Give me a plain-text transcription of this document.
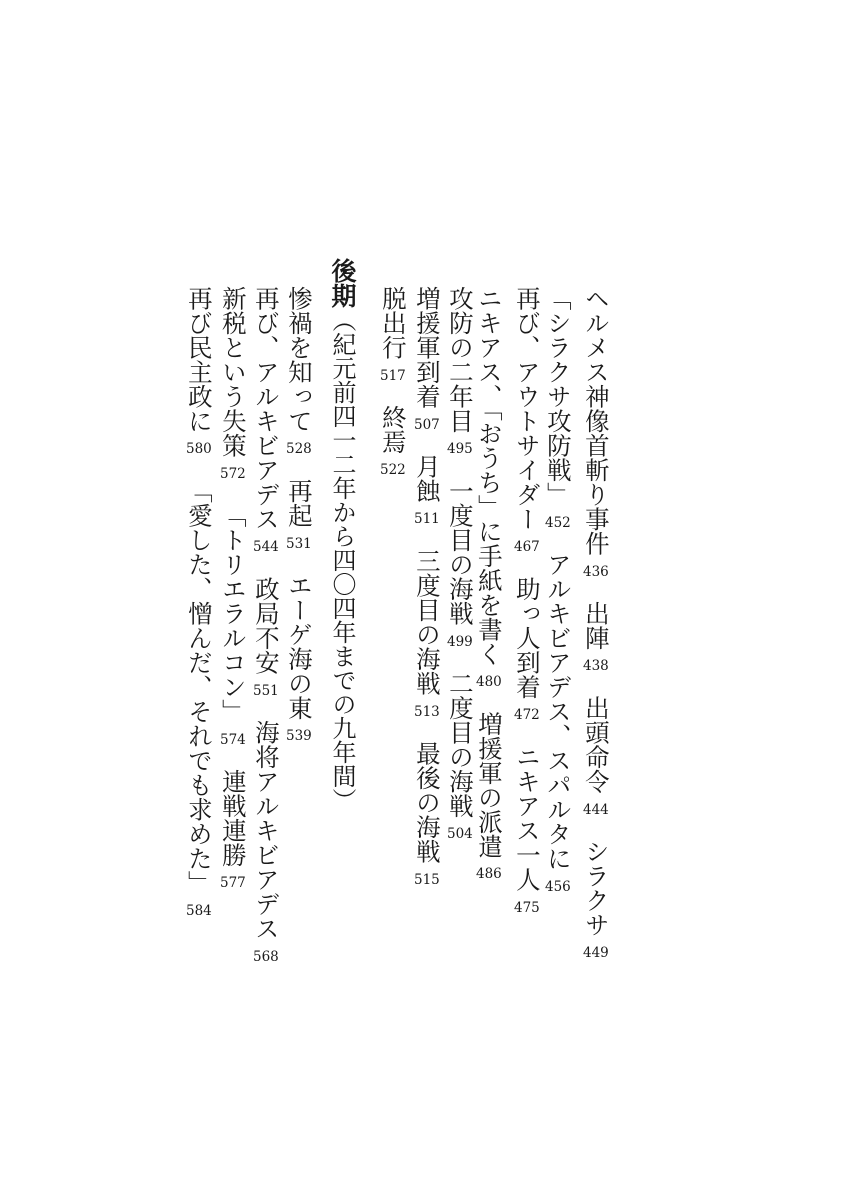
後期（紀元前四一二年から四〇四年までの九年間）	ヘルメス神像首斬り事件436出陣438出頭命令444シラクサ449
「シラクサ攻防戦」452アルキビアデス、スパルタに456
再び、アウトサイダー467助っ人到着472ニキアス一人475
ニキアス、「おうち」に手紙を書く480増援軍の派遣486
攻防の二年目495一度目の海戦499二度目の海戦504
増援軍到着507月蝕511三度目の海戦513最後の海戦515
脱出行517終焉522
惨禍を知って528再起531エーゲ海の東539
再び、アルキビアデス544政局不安551海将アルキビアデス568
新税という失策572「トリエラルコン」574連戦連勝577
再び民主政に580「愛した、憎んだ、それでも求めた」584
